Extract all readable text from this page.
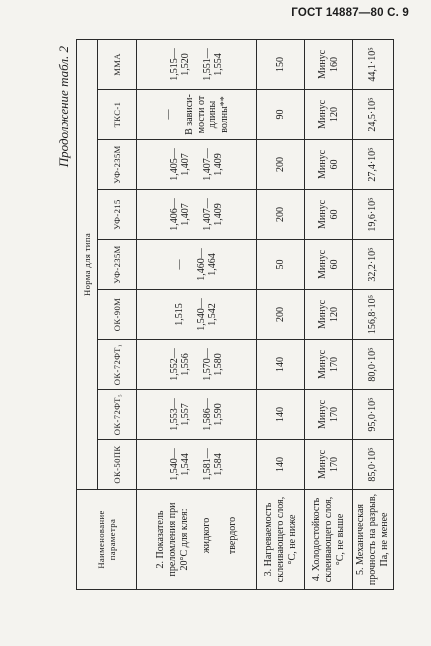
ГОСТ 14887—80 С. 9
Продолжение табл. 2
Наименование параметра	Норма для типа								
	ОК-50ПК	ОК-72ФТ₅	ОК-72ФТ₁	ОК-90М	УФ-235М	УФ-215	УФ-235М	ТКС-1	ММА
2. Показатель преломления при 20°С для клея: жидкого твердого	1,540— 1,544 1,581— 1,584	1,553— 1,557 1,586— 1,590	1,552— 1,556 1,570— 1,580	1,515 1,540— 1,542	— 1,460— 1,464	1,406— 1,407 1,407— 1,409	1,405— 1,407 1,407— 1,409	— В зависи- мости от длины волны**	1,515—1,520 1,551—1,554

3. Нагреваемость склеивающего слоя, °С, не ниже	140	140	140	200	50	200	200	90	150
4. Холодостойкость склеивающего слоя, °С, не выше	Минус 170	Минус 170	Минус 170	Минус 120	Минус 60	Минус 60	Минус 60	Минус 120	Минус 160

5. Механическая прочность на разрыв, Па, не менее	85,0·10⁵	95,0·10⁵	80,0·10⁵	156,8·10⁵	32,2·10⁵	19,6·10⁵	27,4·10⁵	24,5·10⁵	44,1·10⁵
